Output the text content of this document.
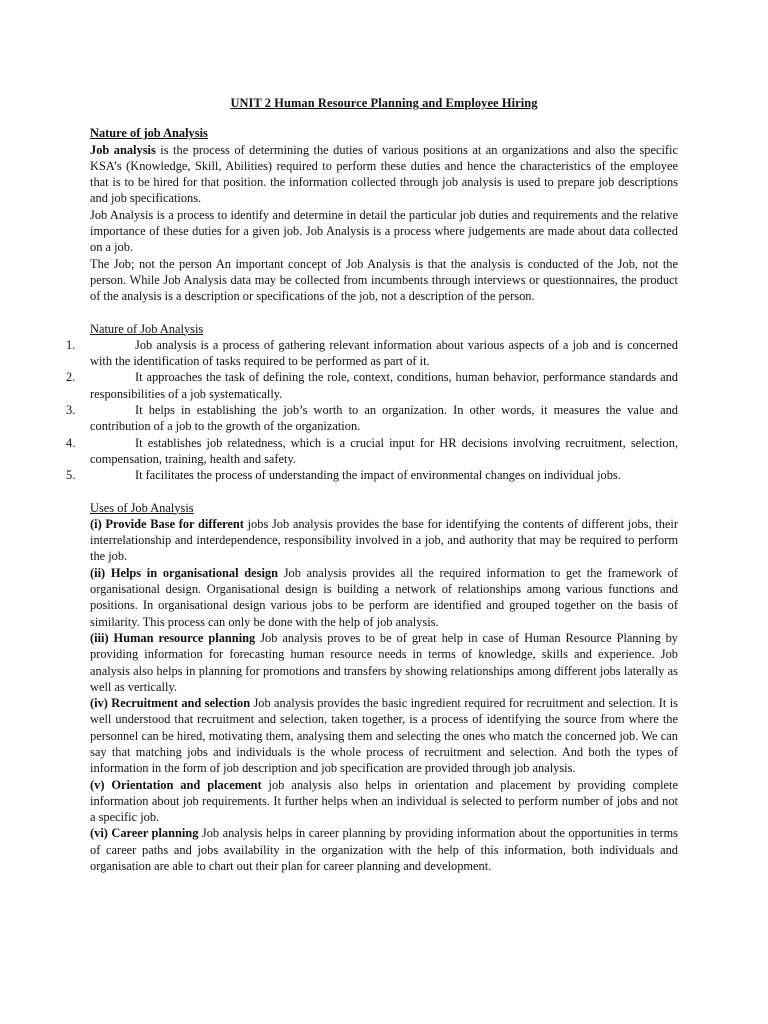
UNIT 2 Human Resource Planning and Employee Hiring
Nature of job Analysis

Job analysis is the process of determining the duties of various positions at an organizations and also the specific KSA’s (Knowledge, Skill, Abilities) required to perform these duties and hence the characteristics of the employee that is to be hired for that position. the information collected through job analysis is used to prepare job descriptions and job specifications.

Job Analysis is a process to identify and determine in detail the particular job duties and requirements and the relative importance of these duties for a given job. Job Analysis is a process where judgements are made about data collected on a job.

The Job; not the person An important concept of Job Analysis is that the analysis is conducted of the Job, not the person. While Job Analysis data may be collected from incumbents through interviews or questionnaires, the product of the analysis is a description or specifications of the job, not a description of the person.

Nature of Job Analysis
1.	Job analysis is a process of gathering relevant information about various aspects of a job and is concerned with the identification of tasks required to be performed as part of it.
2.	It approaches the task of defining the role, context, conditions, human behavior, performance standards and responsibilities of a job systematically.
3.	It helps in establishing the job’s worth to an organization. In other words, it measures the value and contribution of a job to the growth of the organization.
4.	It establishes job relatedness, which is a crucial input for HR decisions involving recruitment, selection, compensation, training, health and safety.
5.	It facilitates the process of understanding the impact of environmental changes on individual jobs.
Uses of Job Analysis

(i) Provide Base for different jobs Job analysis provides the base for identifying the contents of different jobs, their interrelationship and interdependence, responsibility involved in a job, and authority that may be required to perform the job.

(ii) Helps in organisational design Job analysis provides all the required information to get the framework of organisational design. Organisational design is building a network of relationships among various functions and positions. In organisational design various jobs to be perform are identified and grouped together on the basis of similarity. This process can only be done with the help of job analysis.

(iii) Human resource planning Job analysis proves to be of great help in case of Human Resource Planning by providing information for forecasting human resource needs in terms of knowledge, skills and experience. Job analysis also helps in planning for promotions and transfers by showing relationships among different jobs laterally as well as vertically.

(iv) Recruitment and selection Job analysis provides the basic ingredient required for recruitment and selection. It is well understood that recruitment and selection, taken together, is a process of identifying the source from where the personnel can be hired, motivating them, analysing them and selecting the ones who match the concerned job. We can say that matching jobs and individuals is the whole process of recruitment and selection. And both the types of information in the form of job description and job specification are provided through job analysis.

(v) Orientation and placement job analysis also helps in orientation and placement by providing complete information about job requirements. It further helps when an individual is selected to perform number of jobs and not a specific job.

(vi) Career planning Job analysis helps in career planning by providing information about the opportunities in terms of career paths and jobs availability in the organization with the help of this information, both individuals and organisation are able to chart out their plan for career planning and development.
